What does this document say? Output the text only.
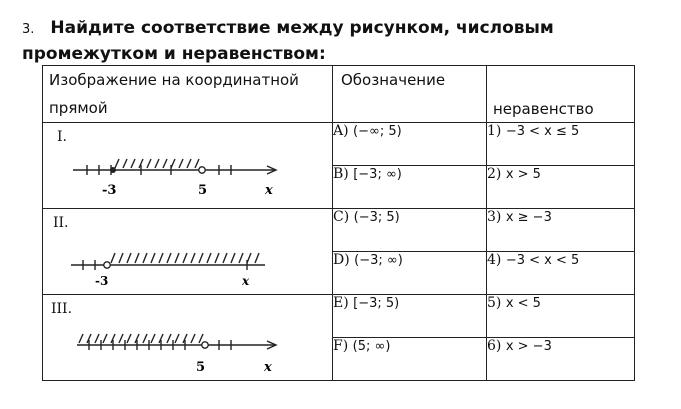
3. Найдите соответствие между рисунком, числовым промежутком и неравенством:
Изображение на координатной прямой	Обозначение	неравенство

I.
-3 5 x	A) (−∞; 5)	1) −3 < x ≤ 5
	B) [−3; ∞)	2) x > 5

II.
-3 x	C) (−3; 5)	3) x ≥ −3
	D) (−3; ∞)	4) −3 < x < 5

III.
5 x	E) [−3; 5)	5) x < 5
	F) (5; ∞)	6) x > −3
